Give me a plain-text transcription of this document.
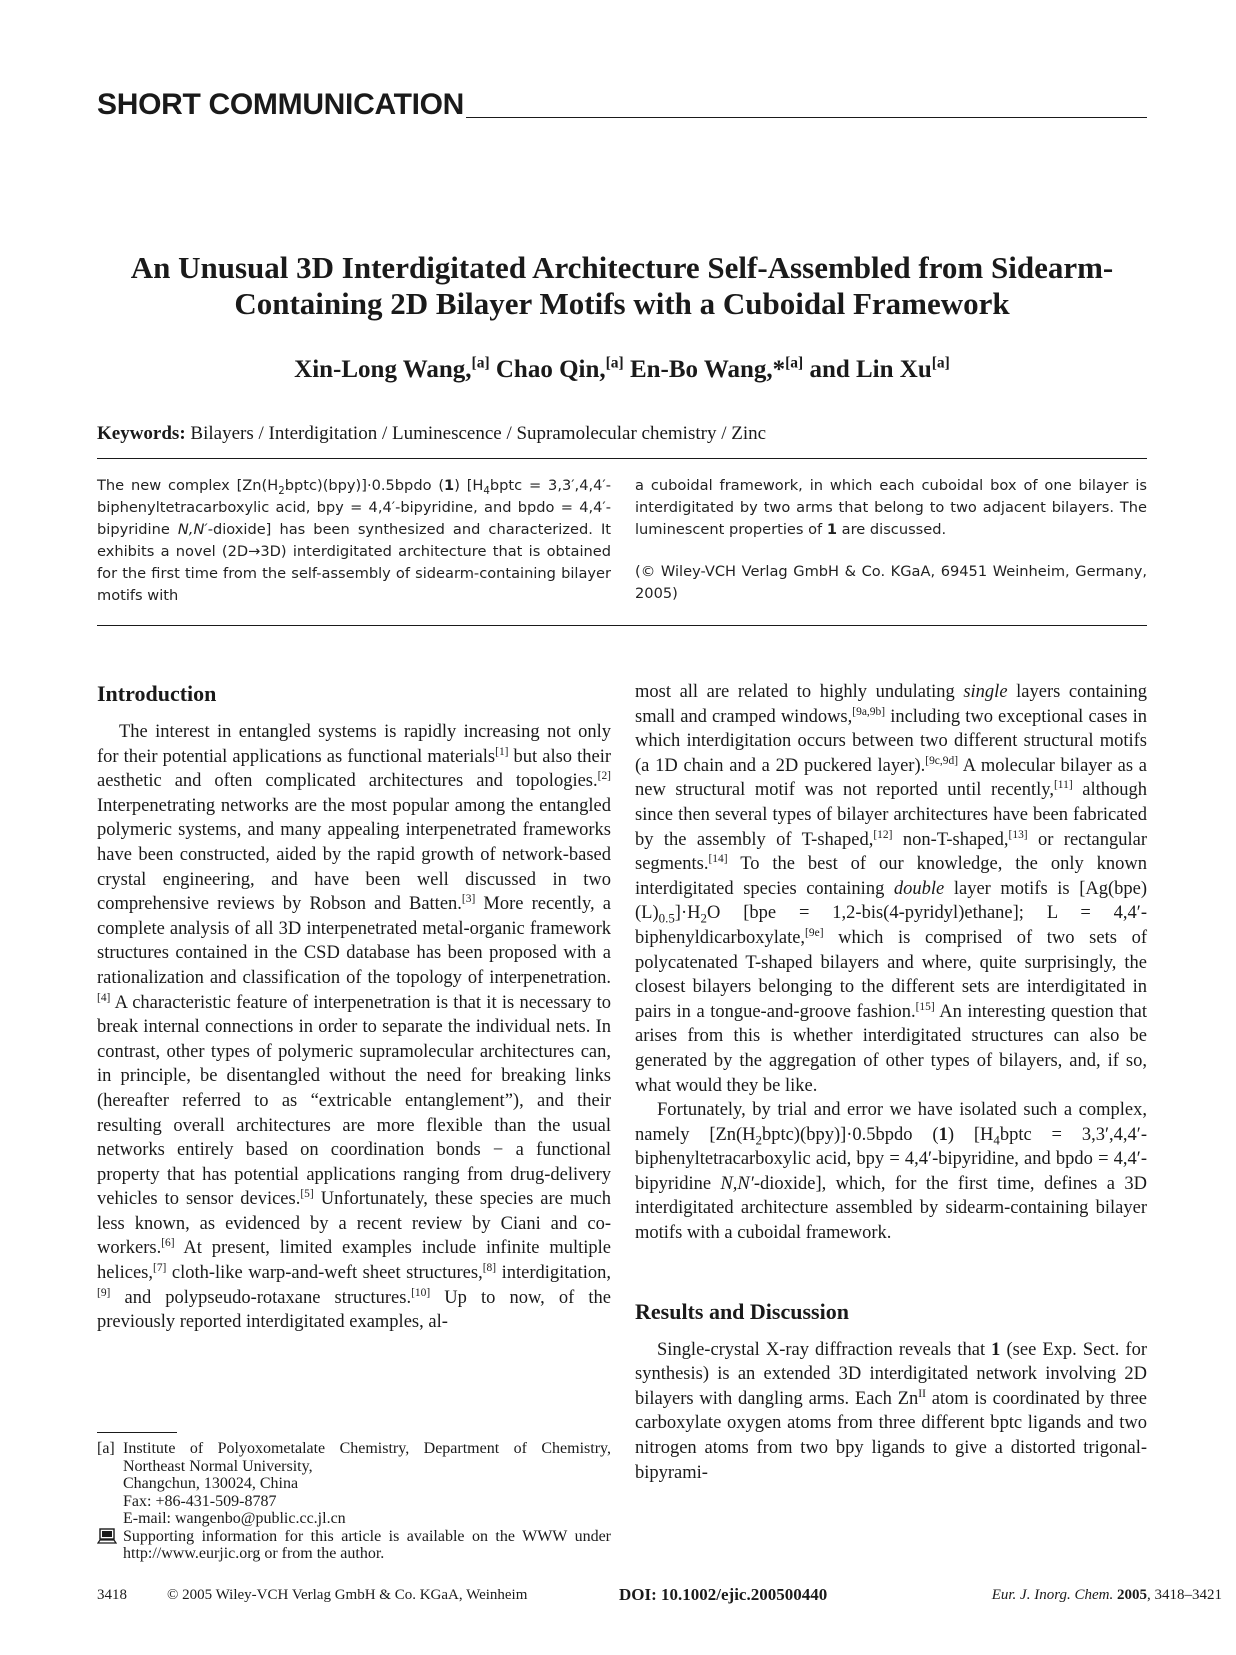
SHORT COMMUNICATION
An Unusual 3D Interdigitated Architecture Self-Assembled from Sidearm-
Containing 2D Bilayer Motifs with a Cuboidal Framework
Xin-Long Wang,[a] Chao Qin,[a] En-Bo Wang,*[a] and Lin Xu[a]
Keywords: Bilayers / Interdigitation / Luminescence / Supramolecular chemistry / Zinc

The new complex $[Zn(H_2bptc)(bpy)]\cdot 0.5bpdo$ (1) [$H_4bptc$ = 3,3′,4,4′-biphenyltetracarboxylic acid, bpy = 4,4′-bipyridine, and bpdo = 4,4′-bipyridine N,N′-dioxide] has been synthesized and characterized. It exhibits a novel (2D→3D) interdigitated architecture that is obtained for the first time from the self-assembly of sidearm-containing bilayer motifs with

a cuboidal framework, in which each cuboidal box of one bilayer is interdigitated by two arms that belong to two adjacent bilayers. The luminescent properties of 1 are discussed.

(© Wiley-VCH Verlag GmbH & Co. KGaA, 69451 Weinheim, Germany, 2005)

Introduction

The interest in entangled systems is rapidly increasing not only for their potential applications as functional materials[1] but also their aesthetic and often complicated architectures and topologies.[2] Interpenetrating networks are the most popular among the entangled polymeric systems, and many appealing interpenetrated frameworks have been constructed, aided by the rapid growth of network-based crystal engineering, and have been well discussed in two comprehensive reviews by Robson and Batten.[3] More recently, a complete analysis of all 3D interpenetrated metal-organic framework structures contained in the CSD database has been proposed with a rationalization and classification of the topology of interpenetration.[4] A characteristic feature of interpenetration is that it is necessary to break internal connections in order to separate the individual nets. In contrast, other types of polymeric supramolecular architectures can, in principle, be disentangled without the need for breaking links (hereafter referred to as “extricable entanglement”), and their resulting overall architectures are more flexible than the usual networks entirely based on coordination bonds − a functional property that has potential applications ranging from drug-delivery vehicles to sensor devices.[5] Unfortunately, these species are much less known, as evidenced by a recent review by Ciani and co-workers.[6] At present, limited examples include infinite multiple helices,[7] cloth-like warp-and-weft sheet structures,[8] interdigitation,[9] and polypseudo-rotaxane structures.[10] Up to now, of the previously reported interdigitated examples, al-

[a] Institute of Polyoxometalate Chemistry, Department of Chemistry, Northeast Normal University,
Changchun, 130024, China
Fax: +86-431-509-8787
E-mail: wangenbo@public.cc.jl.cn
Supporting information for this article is available on the WWW under http://www.eurjic.org or from the author.

most all are related to highly undulating single layers containing small and cramped windows,[9a,9b] including two exceptional cases in which interdigitation occurs between two different structural motifs (a 1D chain and a 2D puckered layer).[9c,9d] A molecular bilayer as a new structural motif was not reported until recently,[11] although since then several types of bilayer architectures have been fabricated by the assembly of T-shaped,[12] non-T-shaped,[13] or rectangular segments.[14] To the best of our knowledge, the only known interdigitated species containing double layer motifs is $[Ag(bpe)(L)_{0.5}]\cdot H_2O$ [bpe = 1,2-bis(4-pyridyl)ethane]; L = 4,4′-biphenyldicarboxylate,[9e] which is comprised of two sets of polycatenated T-shaped bilayers and where, quite surprisingly, the closest bilayers belonging to the different sets are interdigitated in pairs in a tongue-and-groove fashion.[15] An interesting question that arises from this is whether interdigitated structures can also be generated by the aggregation of other types of bilayers, and, if so, what would they be like.

Fortunately, by trial and error we have isolated such a complex, namely $[Zn(H_2bptc)(bpy)]\cdot 0.5bpdo$ (1) [$H_4bptc$ = 3,3′,4,4′-biphenyltetracarboxylic acid, bpy = 4,4′-bipyridine, and bpdo = 4,4′-bipyridine N,N′-dioxide], which, for the first time, defines a 3D interdigitated architecture assembled by sidearm-containing bilayer motifs with a cuboidal framework.

Results and Discussion

Single-crystal X-ray diffraction reveals that 1 (see Exp. Sect. for synthesis) is an extended 3D interdigitated network involving 2D bilayers with dangling arms. Each $Zn^{II}$ atom is coordinated by three carboxylate oxygen atoms from three different bptc ligands and two nitrogen atoms from two bpy ligands to give a distorted trigonal-bipyrami-

3418	© 2005 Wiley-VCH Verlag GmbH & Co. KGaA, Weinheim	DOI: 10.1002/ejic.200500440	Eur. J. Inorg. Chem. 2005 , 3418–3421
